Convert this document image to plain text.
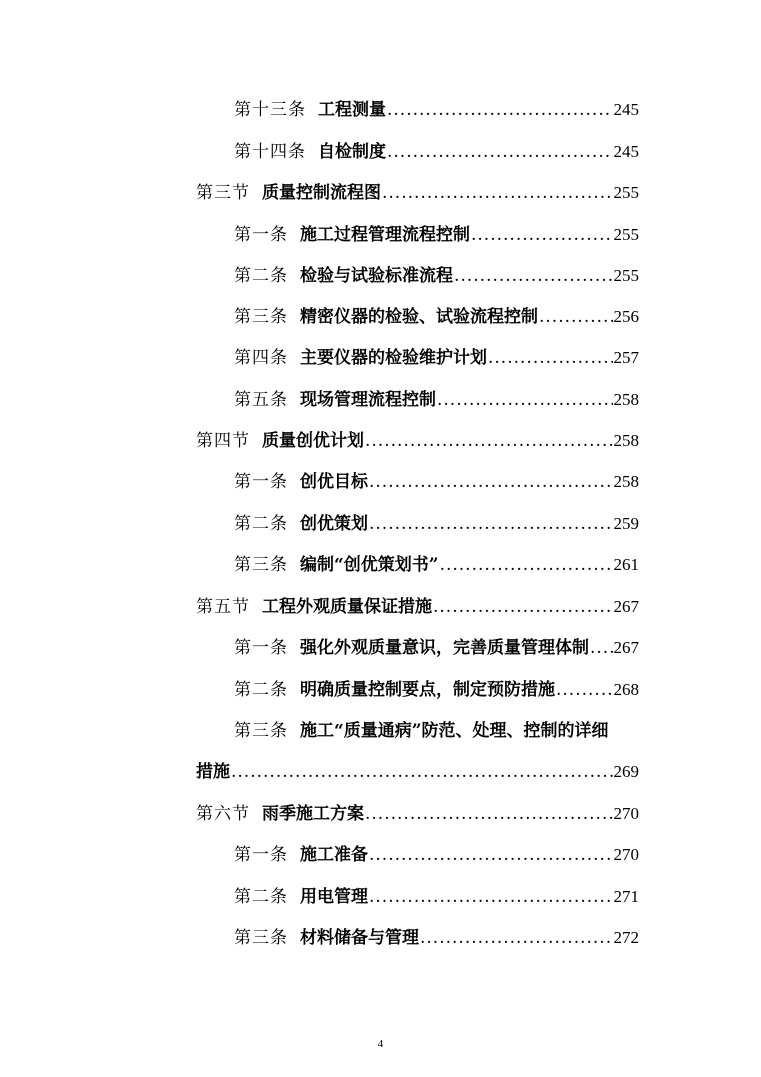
第十三条 工程测量 .....	245
第十四条 自检制度 .....	245
第三节 质量控制流程图 .....	255
第一条 施工过程管理流程控制 .....	255
第二条 检验与试验标准流程 .....	255
第三条 精密仪器的检验、试验流程控制 .....	256
第四条 主要仪器的检验维护计划 .....	257
第五条 现场管理流程控制 .....	258
第四节 质量创优计划 .....	258
第一条 创优目标 .....	258
第二条 创优策划 .....	259
第三条 编制“创优策划书” .....	261
第五节 工程外观质量保证措施 .....	267
第一条 强化外观质量意识，完善质量管理体制 ..... 267
第二条 明确质量控制要点，制定预防措施 .....	268
第三条 施工“质量通病”防范、处理、控制的详细
措施 .....	269
第六节 雨季施工方案 .....	270
第一条 施工准备 .....	270
第二条 用电管理 .....	271
第三条 材料储备与管理 .....	272
4
